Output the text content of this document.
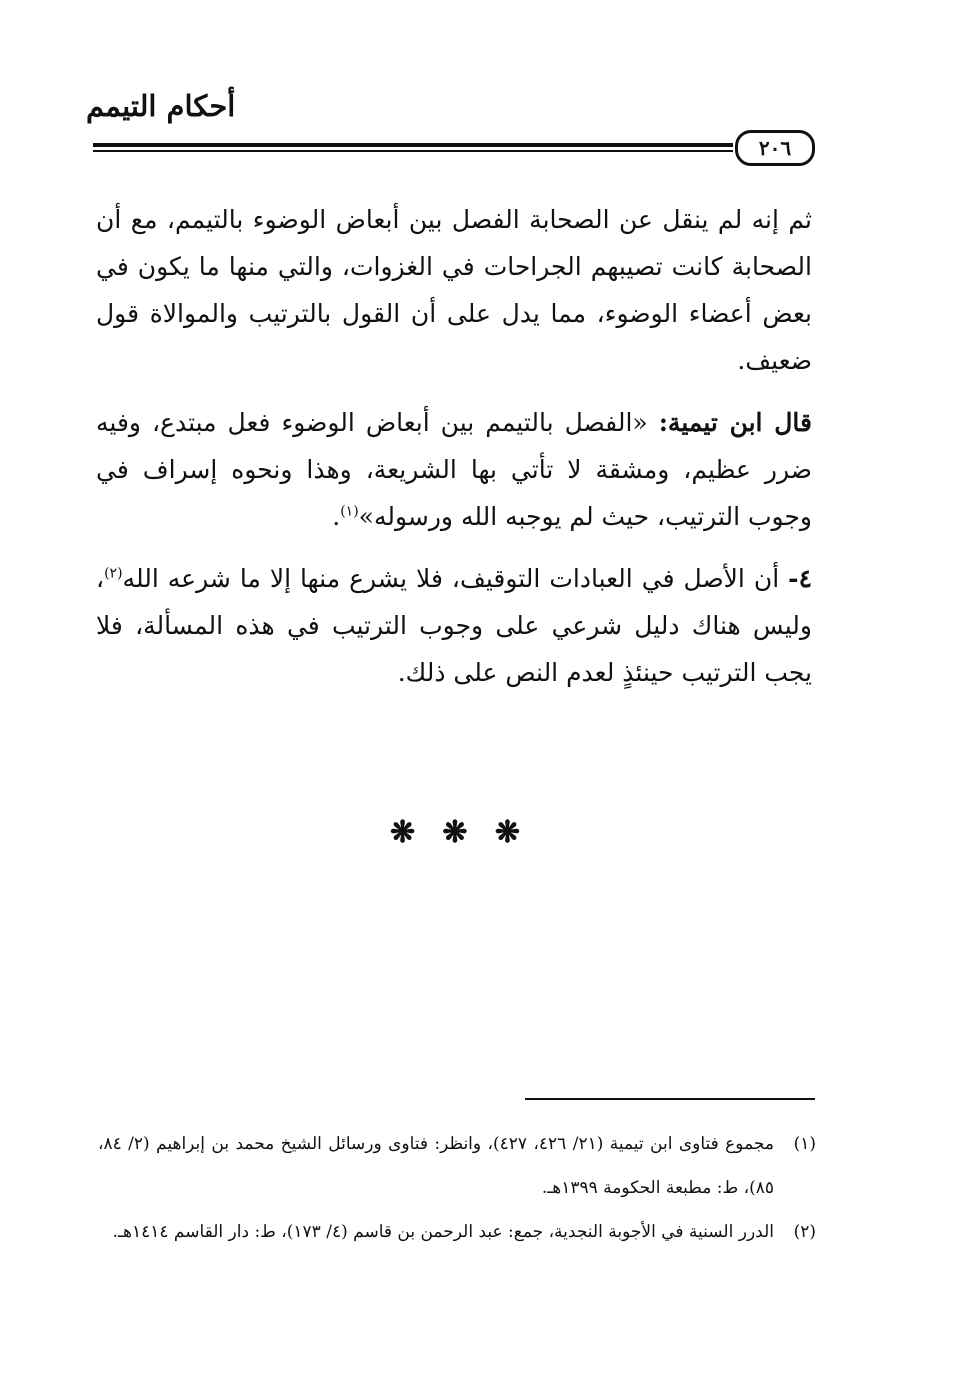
أحكام التيمم
٢٠٦

ثم إنه لم ينقل عن الصحابة الفصل بين أبعاض الوضوء بالتيمم، مع أن الصحابة كانت تصيبهم الجراحات في الغزوات، والتي منها ما يكون في بعض أعضاء الوضوء، مما يدل على أن القول بالترتيب والموالاة قول ضعيف.

قال ابن تيمية: «الفصل بالتيمم بين أبعاض الوضوء فعل مبتدع، وفيه ضرر عظيم، ومشقة لا تأتي بها الشريعة، وهذا ونحوه إسراف في وجوب الترتيب، حيث لم يوجبه الله ورسوله»$^{(١)}$.

٤- أن الأصل في العبادات التوقيف، فلا يشرع منها إلا ما شرعه الله$^{(٢)}$، وليس هناك دليل شرعي على وجوب الترتيب في هذه المسألة، فلا يجب الترتيب حينئذٍ لعدم النص على ذلك.

❋ ❋ ❋

(١)
مجموع فتاوى ابن تيمية (٢١/ ٤٢٦، ٤٢٧)، وانظر: فتاوى ورسائل الشيخ محمد بن إبراهيم (٢/ ٨٤، ٨٥)، ط: مطبعة الحكومة ١٣٩٩هـ.

(٢)
الدرر السنية في الأجوبة النجدية، جمع: عبد الرحمن بن قاسم (٤/ ١٧٣)، ط: دار القاسم ١٤١٤هـ.
